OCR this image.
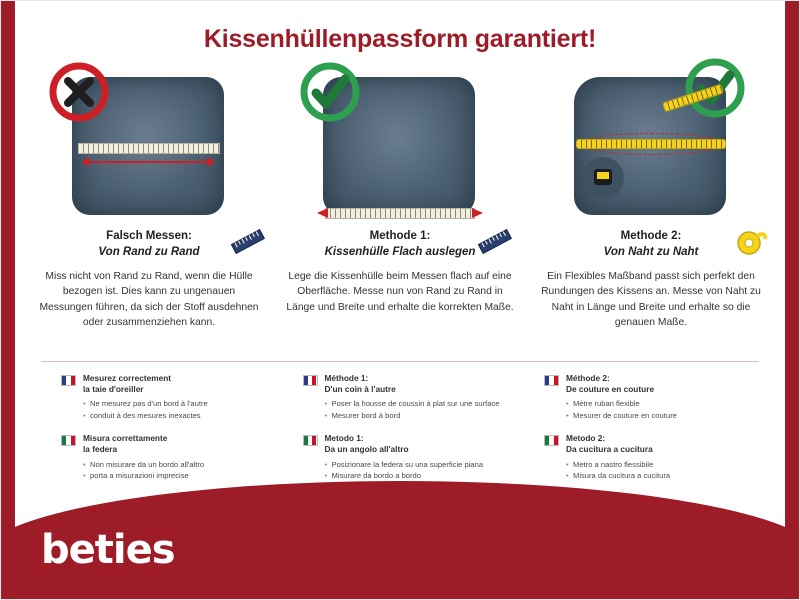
Kissenhüllenpassform garantiert!
Falsch Messen:
Von Rand zu Rand

Miss nicht von Rand zu Rand, wenn die Hülle bezogen ist. Dies kann zu ungenauen Messungen führen, da sich der Stoff ausdehnen oder zusammenziehen kann.

Methode 1:
Kissenhülle Flach auslegen

Lege die Kissenhülle beim Messen flach auf eine Oberfläche. Messe nun von Rand zu Rand in Länge und Breite und erhalte die korrekten Maße.

Methode 2:
Von Naht zu Naht

Ein Flexibles Maßband passt sich perfekt den Rundungen des Kissens an. Messe von Naht zu Naht in Länge und Breite und erhalte so die genauen Maße.

Mesurez correctement
la taie d'oreiller
• Ne mesurez pas d'un bord à l'autre
• conduit à des mesures inexactes
Misura correttamente
la federa
• Non misurare da un bordo all'altro
• porta a misurazioni imprecise
Méthode 1:
D'un coin à l'autre
• Poser la housse de coussin à plat sur une surface
• Mesurer bord à bord
Metodo 1:
Da un angolo all'altro
• Posizionare la federa su una superficie piana
• Misurare da bordo a bordo
Méthode 2:
De couture en couture
• Mètre ruban flexible
• Mesurer de couture en couture
Metodo 2:
Da cucitura a cucitura
• Metro a nastro flessibile
• Misura da cucitura a cucitura
beties
